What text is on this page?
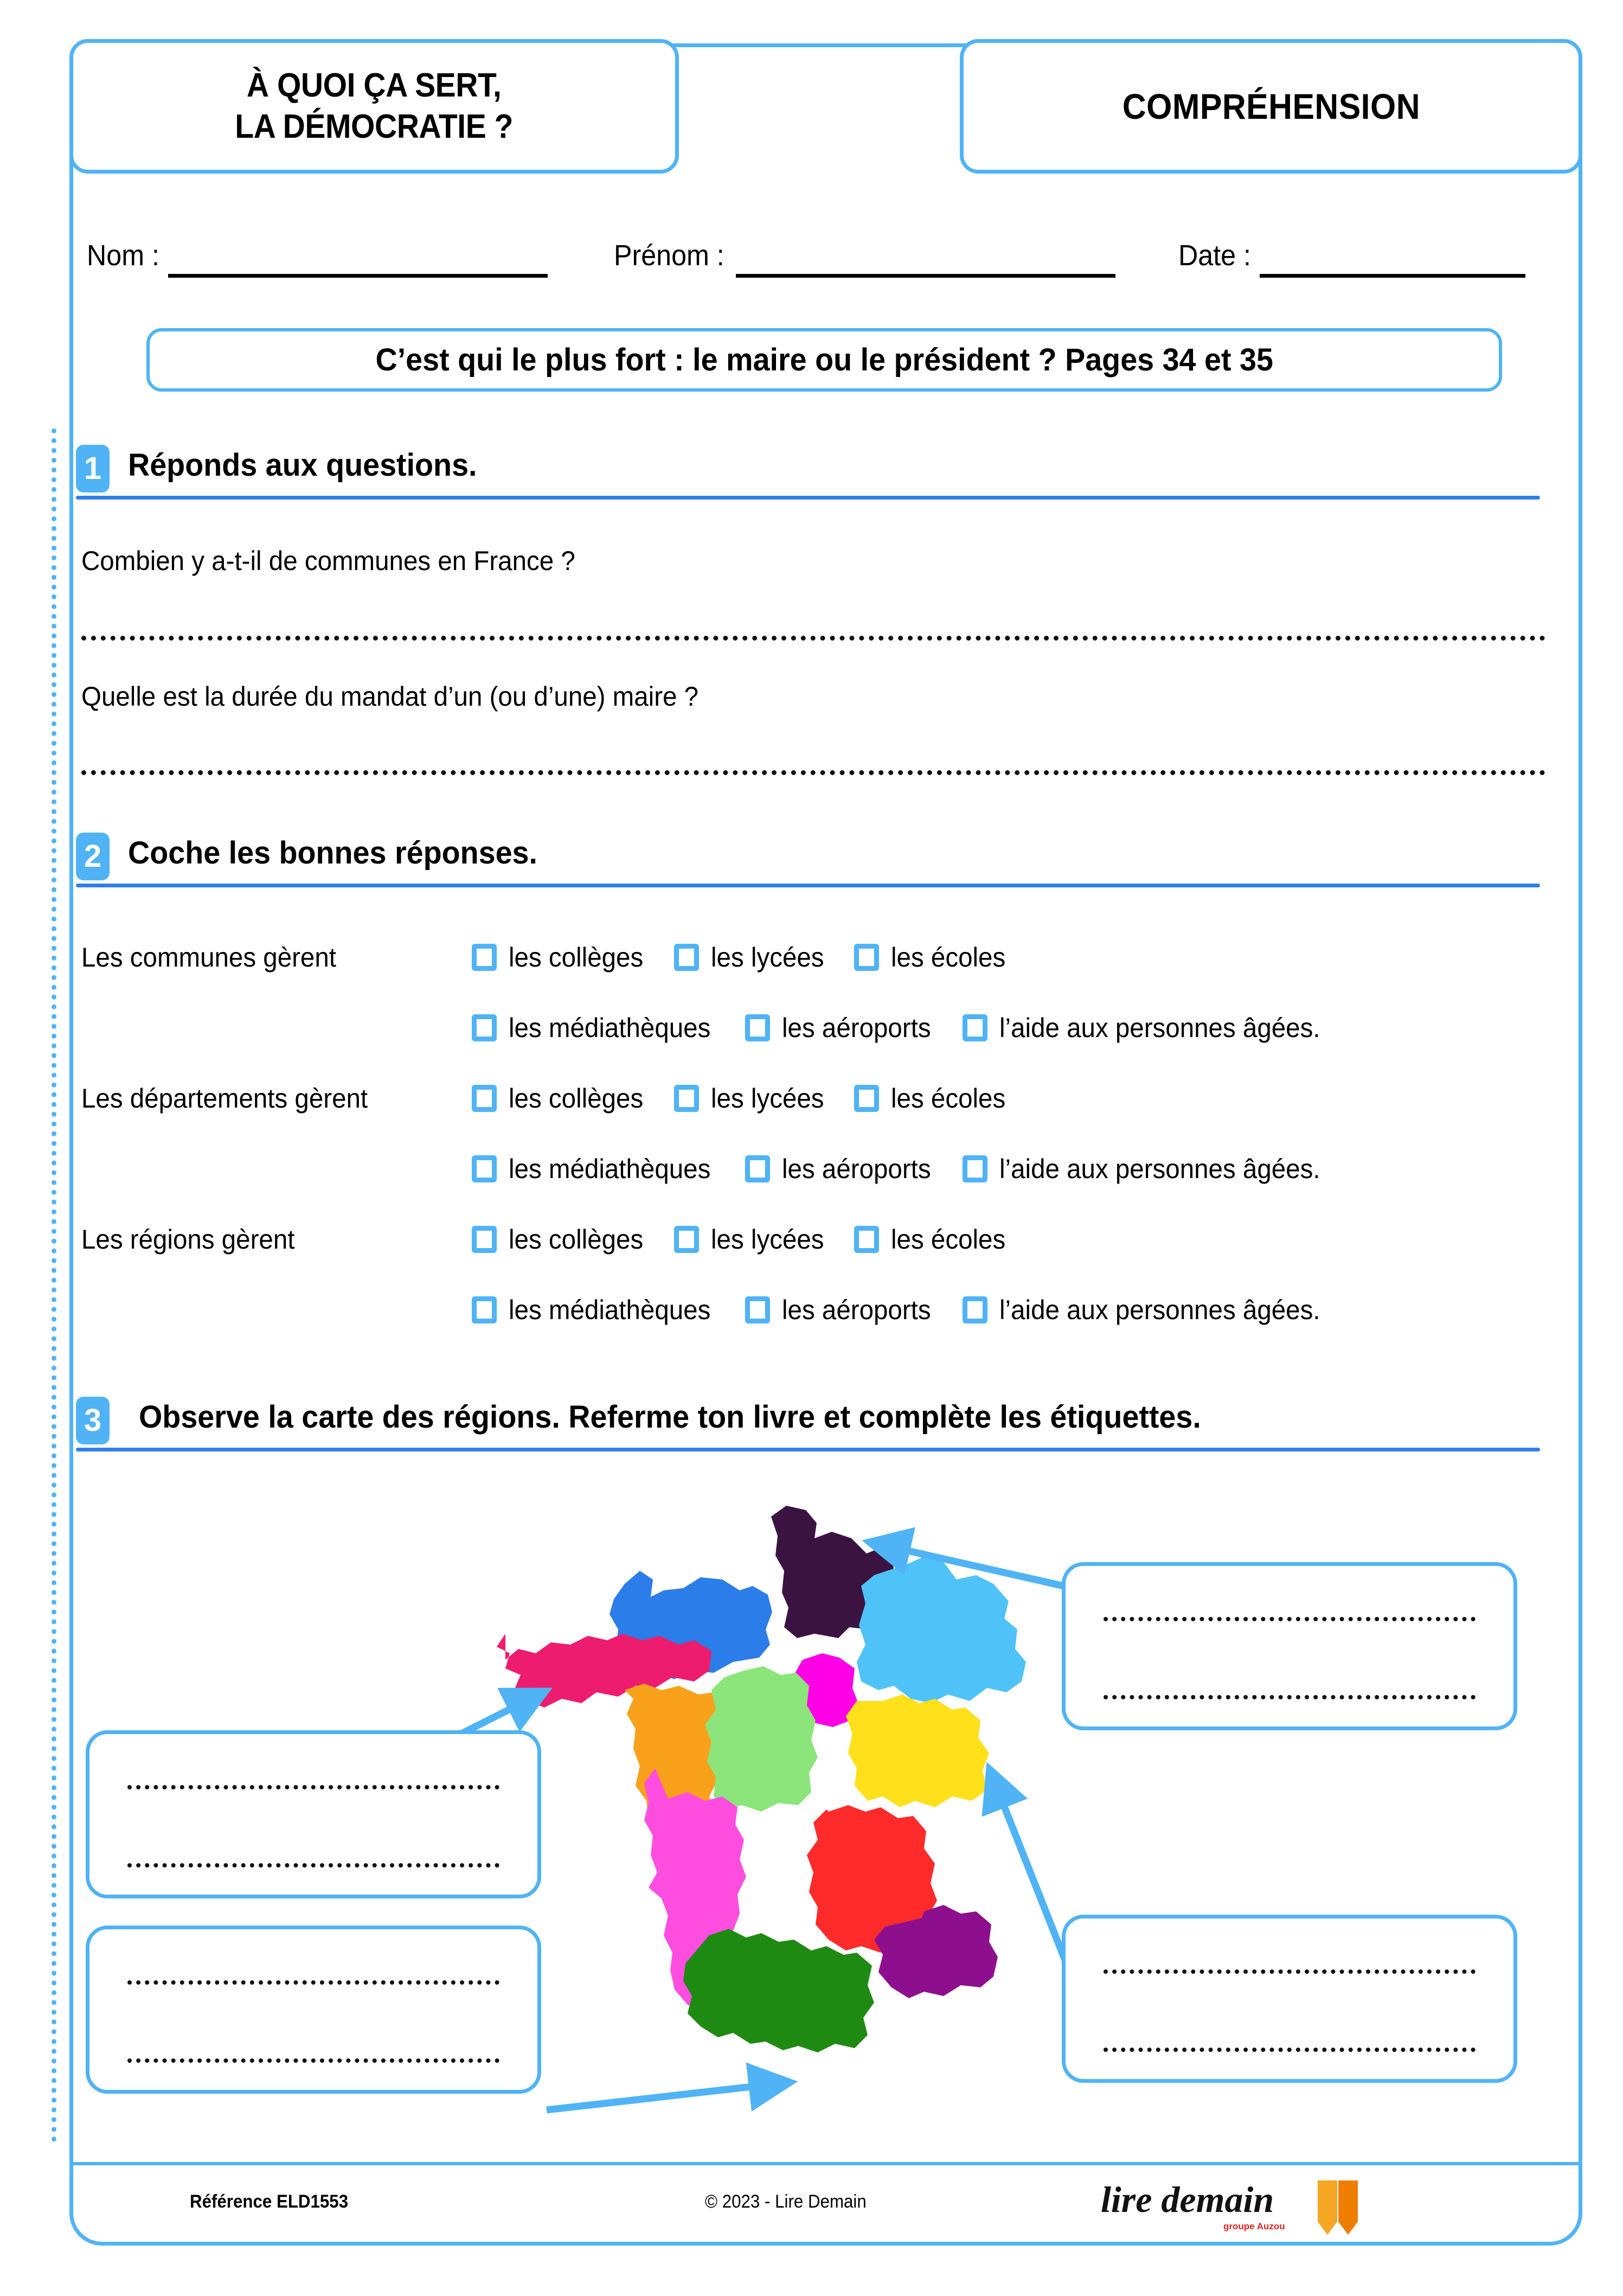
À QUOI ÇA SERT,
LA DÉMOCRATIE ?
COMPRÉHENSION
Nom :	Prénom :	Date :
C’est qui le plus fort : le maire ou le président ? Pages 34 et 35
1 Réponds aux questions.
Combien y a-t-il de communes en France ?
Quelle est la durée du mandat d’un (ou d’une) maire ?
2 Coche les bonnes réponses.
Les communes gèrent	les collèges	les lycées les écoles
les médiathèques	les aéroports	l’aide aux personnes âgées.
Les départements gèrent	les collèges	les lycées les écoles
les médiathèques	les aéroports	l’aide aux personnes âgées.
Les régions gèrent	les collèges	les lycées les écoles
les médiathèques	les aéroports	l’aide aux personnes âgées.
3 Observe la carte des régions. Referme ton livre et complète les étiquettes.
Référence ELD1553	© 2023 - Lire Demain	lire demain
groupe Auzou
